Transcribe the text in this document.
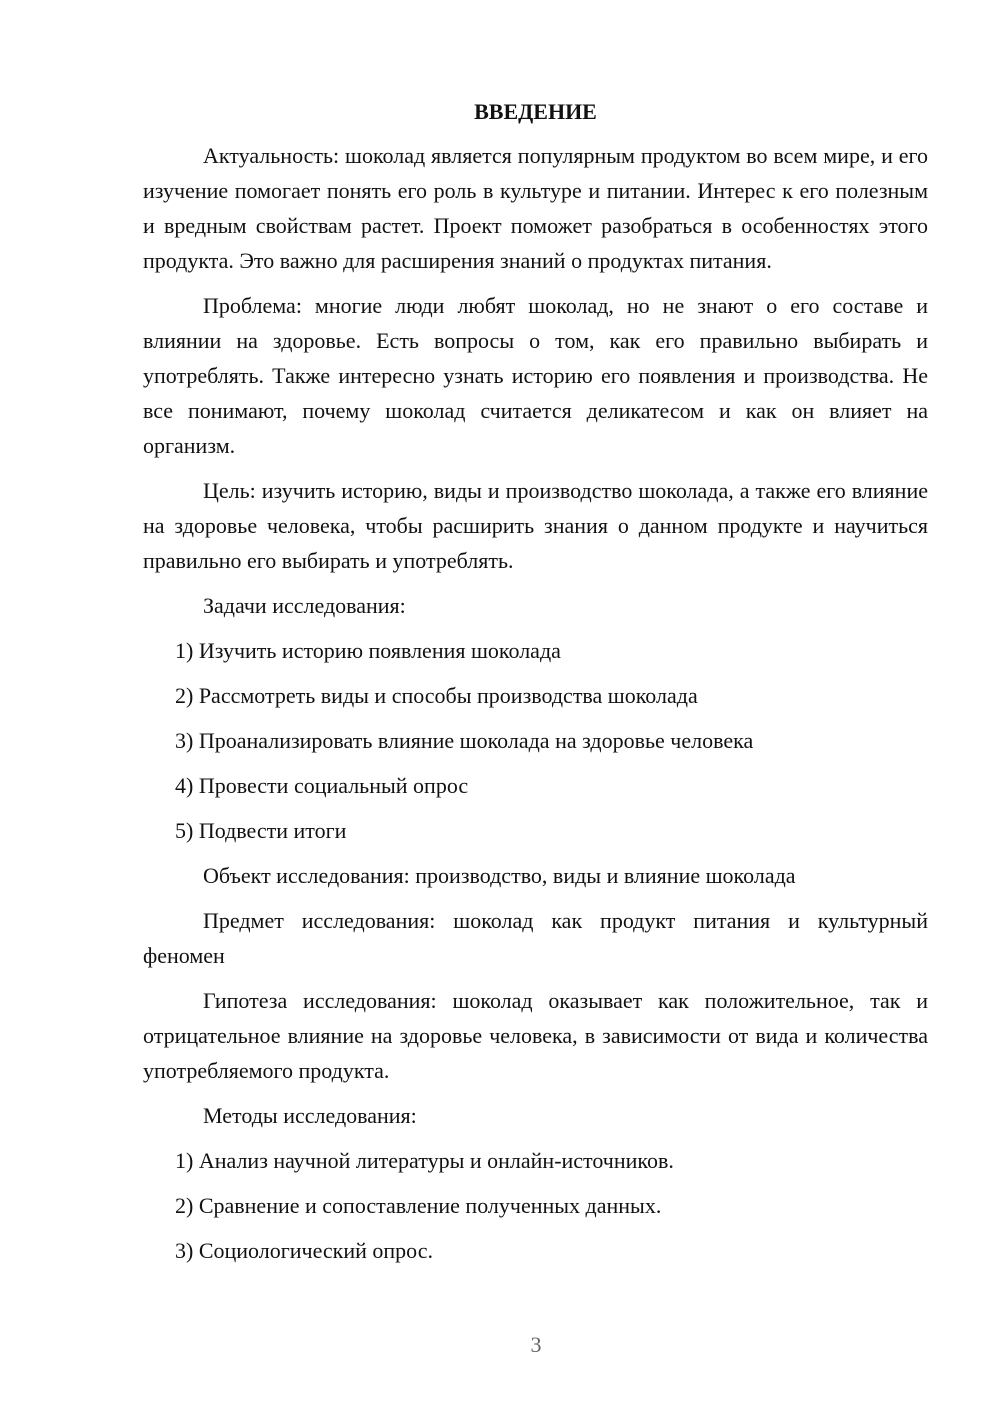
ВВЕДЕНИЕ

Актуальность: шоколад является популярным продуктом во всем мире, и его изучение помогает понять его роль в культуре и питании. Интерес к его полезным и вредным свойствам растет. Проект поможет разобраться в особенностях этого продукта. Это важно для расширения знаний о продуктах питания.

Проблема: многие люди любят шоколад, но не знают о его составе и влиянии на здоровье. Есть вопросы о том, как его правильно выбирать и употреблять. Также интересно узнать историю его появления и производства. Не все понимают, почему шоколад считается деликатесом и как он влияет на организм.

Цель: изучить историю, виды и производство шоколада, а также его влияние на здоровье человека, чтобы расширить знания о данном продукте и научиться правильно его выбирать и употреблять.

Задачи исследования:

1) Изучить историю появления шоколада
2) Рассмотреть виды и способы производства шоколада
3) Проанализировать влияние шоколада на здоровье человека
4) Провести социальный опрос
5) Подвести итоги

Объект исследования: производство, виды и влияние шоколада

Предмет исследования: шоколад как продукт питания и культурный феномен

Гипотеза исследования: шоколад оказывает как положительное, так и отрицательное влияние на здоровье человека, в зависимости от вида и количества употребляемого продукта.

Методы исследования:

1) Анализ научной литературы и онлайн-источников.
2) Сравнение и сопоставление полученных данных.
3) Социологический опрос.
3
